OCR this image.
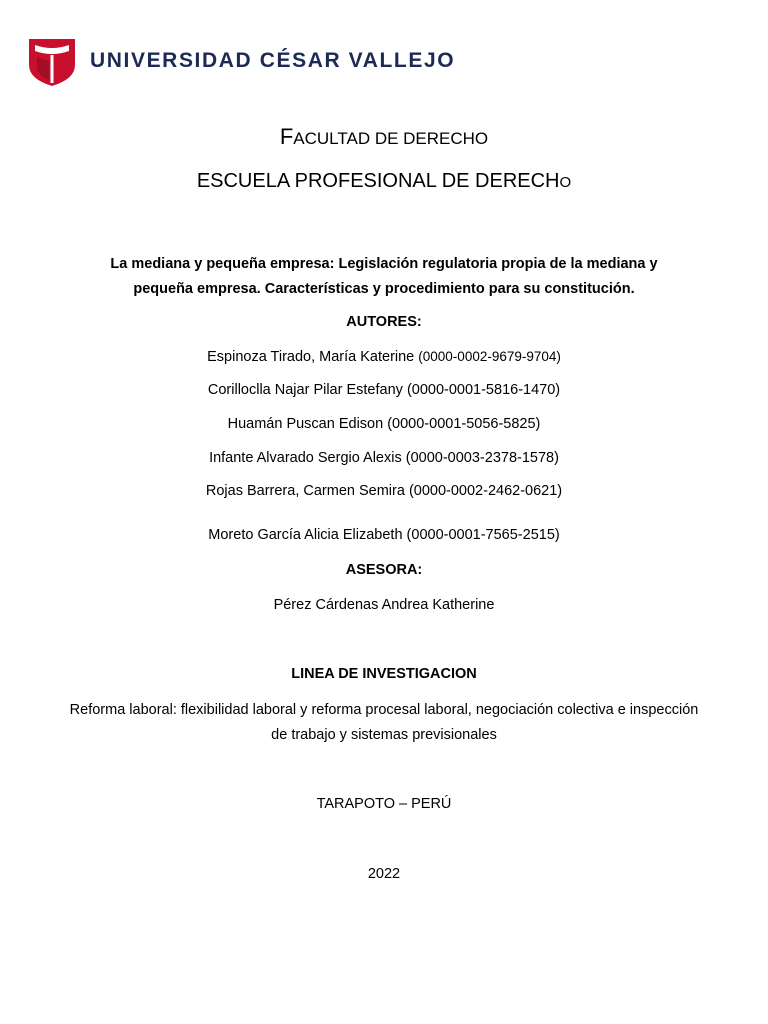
UNIVERSIDAD CÉSAR VALLEJO
FACULTAD DE DERECHO
ESCUELA PROFESIONAL DE DERECHO
La mediana y pequeña empresa: Legislación regulatoria propia de la mediana y pequeña empresa. Características y procedimiento para su constitución.
AUTORES:
Espinoza Tirado, María Katerine (0000-0002-9679-9704)
Corilloclla Najar Pilar Estefany (0000-0001-5816-1470)
Huamán Puscan Edison (0000-0001-5056-5825)
Infante Alvarado Sergio Alexis (0000-0003-2378-1578)
Rojas Barrera, Carmen Semira (0000-0002-2462-0621)
Moreto García Alicia Elizabeth (0000-0001-7565-2515)
ASESORA:
Pérez Cárdenas Andrea Katherine
LINEA DE INVESTIGACION
Reforma laboral: flexibilidad laboral y reforma procesal laboral, negociación colectiva e inspección de trabajo y sistemas previsionales
TARAPOTO – PERÚ
2022
